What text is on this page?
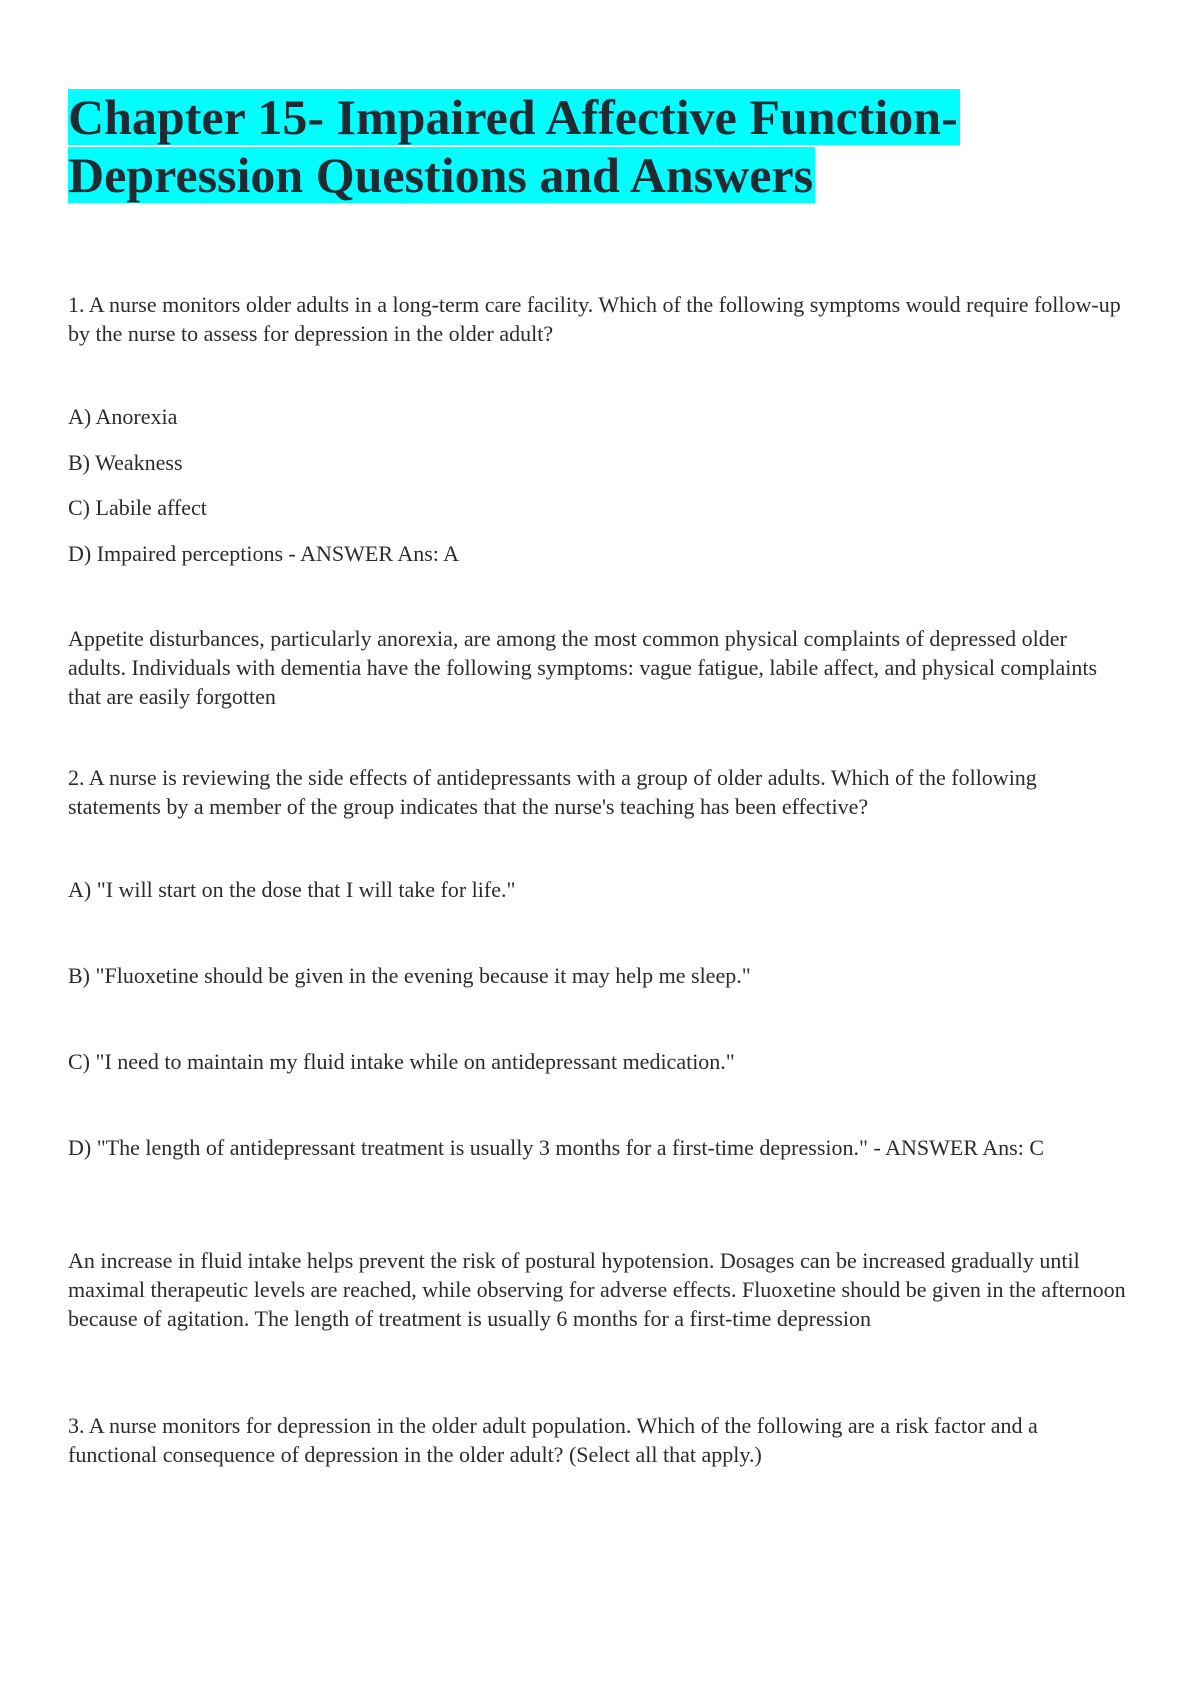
Chapter 15- Impaired Affective Function-
Depression Questions and Answers

1. A nurse monitors older adults in a long-term care facility. Which of the following symptoms would require follow-up by the nurse to assess for depression in the older adult?

A) Anorexia

B) Weakness

C) Labile affect

D) Impaired perceptions - ANSWER Ans: A

Appetite disturbances, particularly anorexia, are among the most common physical complaints of depressed older adults. Individuals with dementia have the following symptoms: vague fatigue, labile affect, and physical complaints that are easily forgotten

2. A nurse is reviewing the side effects of antidepressants with a group of older adults. Which of the following statements by a member of the group indicates that the nurse's teaching has been effective?

A) "I will start on the dose that I will take for life."

B) "Fluoxetine should be given in the evening because it may help me sleep."

C) "I need to maintain my fluid intake while on antidepressant medication."

D) "The length of antidepressant treatment is usually 3 months for a first-time depression." - ANSWER Ans: C

An increase in fluid intake helps prevent the risk of postural hypotension. Dosages can be increased gradually until maximal therapeutic levels are reached, while observing for adverse effects. Fluoxetine should be given in the afternoon because of agitation. The length of treatment is usually 6 months for a first-time depression

3. A nurse monitors for depression in the older adult population. Which of the following are a risk factor and a functional consequence of depression in the older adult? (Select all that apply.)
